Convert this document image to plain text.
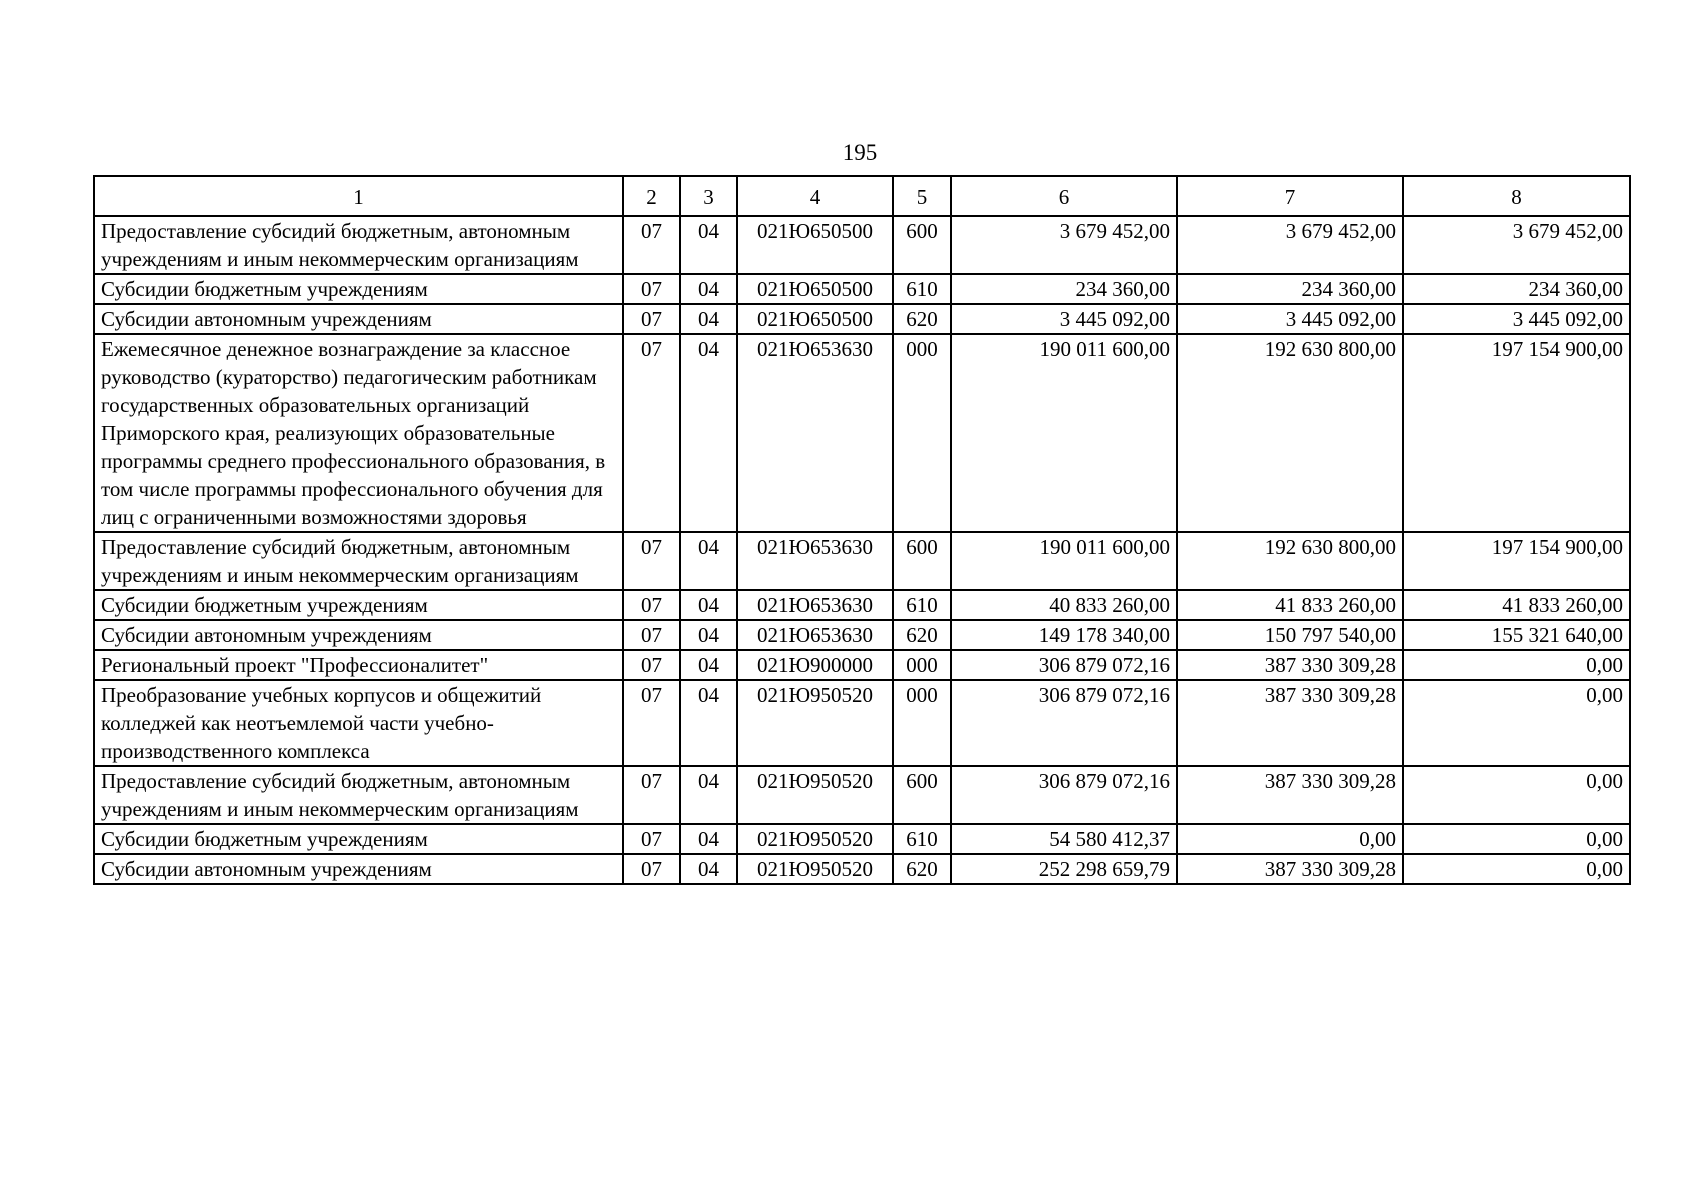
195
1	2	3	4	5	6	7	8
Предоставление субсидий бюджетным, автономным учреждениям и иным некоммерческим организациям	07	04	021Ю650500	600	3 679 452,00	3 679 452,00	3 679 452,00
Субсидии бюджетным учреждениям	07	04	021Ю650500	610	234 360,00	234 360,00	234 360,00
Субсидии автономным учреждениям	07	04	021Ю650500	620	3 445 092,00	3 445 092,00	3 445 092,00
Ежемесячное денежное вознаграждение за классное руководство (кураторство) педагогическим работникам государственных образовательных организаций Приморского края, реализующих образовательные программы среднего профессионального образования, в том числе программы профессионального обучения для лиц с ограниченными возможностями здоровья	07	04	021Ю653630	000	190 011 600,00	192 630 800,00	197 154 900,00
Предоставление субсидий бюджетным, автономным учреждениям и иным некоммерческим организациям	07	04	021Ю653630	600	190 011 600,00	192 630 800,00	197 154 900,00
Субсидии бюджетным учреждениям	07	04	021Ю653630	610	40 833 260,00	41 833 260,00	41 833 260,00
Субсидии автономным учреждениям	07	04	021Ю653630	620	149 178 340,00	150 797 540,00	155 321 640,00
Региональный проект "Профессионалитет"	07	04	021Ю900000	000	306 879 072,16	387 330 309,28	0,00
Преобразование учебных корпусов и общежитий колледжей как неотъемлемой части учебно-производственного комплекса	07	04	021Ю950520	000	306 879 072,16	387 330 309,28	0,00
Предоставление субсидий бюджетным, автономным учреждениям и иным некоммерческим организациям	07	04	021Ю950520	600	306 879 072,16	387 330 309,28	0,00
Субсидии бюджетным учреждениям	07	04	021Ю950520	610	54 580 412,37	0,00	0,00
Субсидии автономным учреждениям	07	04	021Ю950520	620	252 298 659,79	387 330 309,28	0,00
